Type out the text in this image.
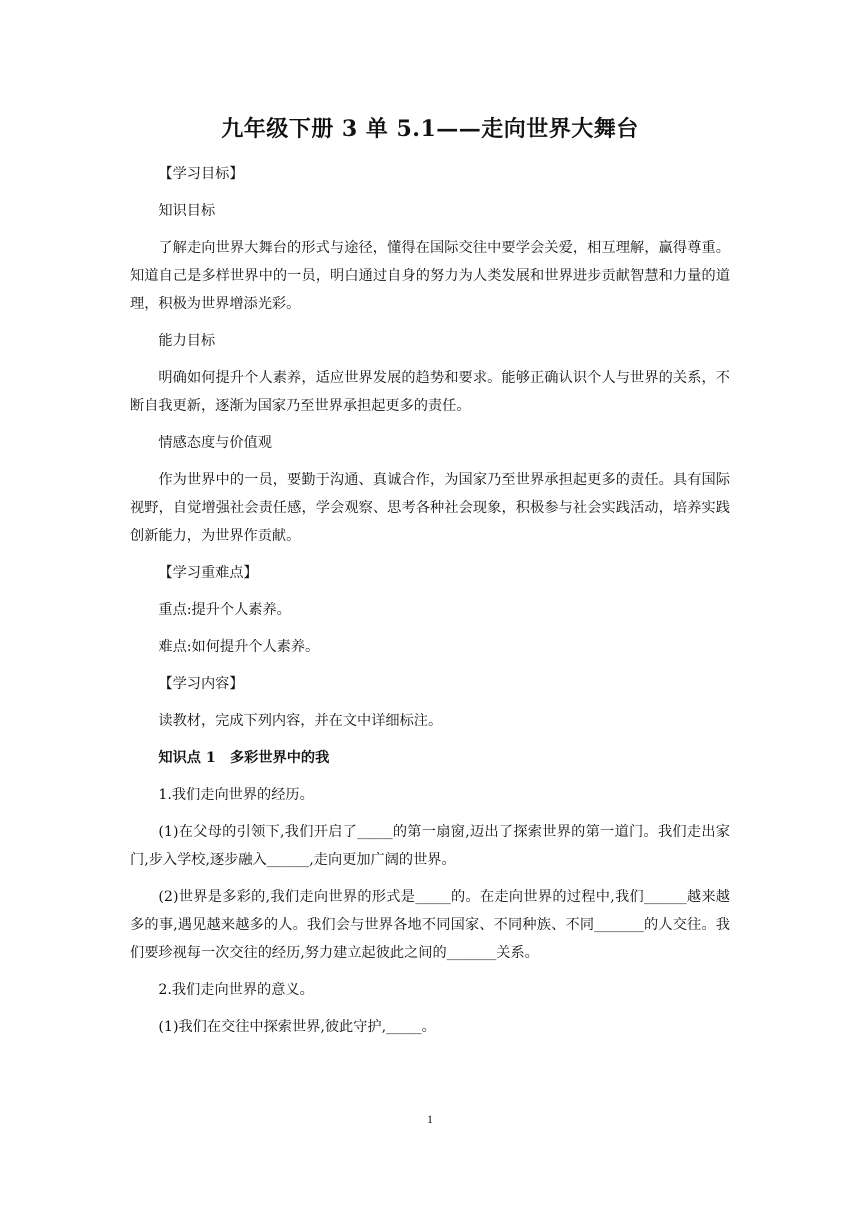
九年级下册 3 单 5.1——走向世界大舞台

【学习目标】

知识目标

了解走向世界大舞台的形式与途径，懂得在国际交往中要学会关爱，相互理解，赢得尊重。知道自己是多样世界中的一员，明白通过自身的努力为人类发展和世界进步贡献智慧和力量的道理，积极为世界增添光彩。

能力目标

明确如何提升个人素养，适应世界发展的趋势和要求。能够正确认识个人与世界的关系，不断自我更新，逐渐为国家乃至世界承担起更多的责任。

情感态度与价值观

作为世界中的一员，要勤于沟通、真诚合作，为国家乃至世界承担起更多的责任。具有国际视野，自觉增强社会责任感，学会观察、思考各种社会现象，积极参与社会实践活动，培养实践创新能力，为世界作贡献。

【学习重难点】

重点:提升个人素养。

难点:如何提升个人素养。

【学习内容】

读教材，完成下列内容，并在文中详细标注。

知识点 1　多彩世界中的我

1.我们走向世界的经历。

(1)在父母的引领下,我们开启了_____的第一扇窗,迈出了探索世界的第一道门。我们走出家门,步入学校,逐步融入______,走向更加广阔的世界。

(2)世界是多彩的,我们走向世界的形式是_____的。在走向世界的过程中,我们______越来越多的事,遇见越来越多的人。我们会与世界各地不同国家、不同种族、不同_______的人交往。我们要珍视每一次交往的经历,努力建立起彼此之间的_______关系。

2.我们走向世界的意义。

(1)我们在交往中探索世界,彼此守护,_____。

1
